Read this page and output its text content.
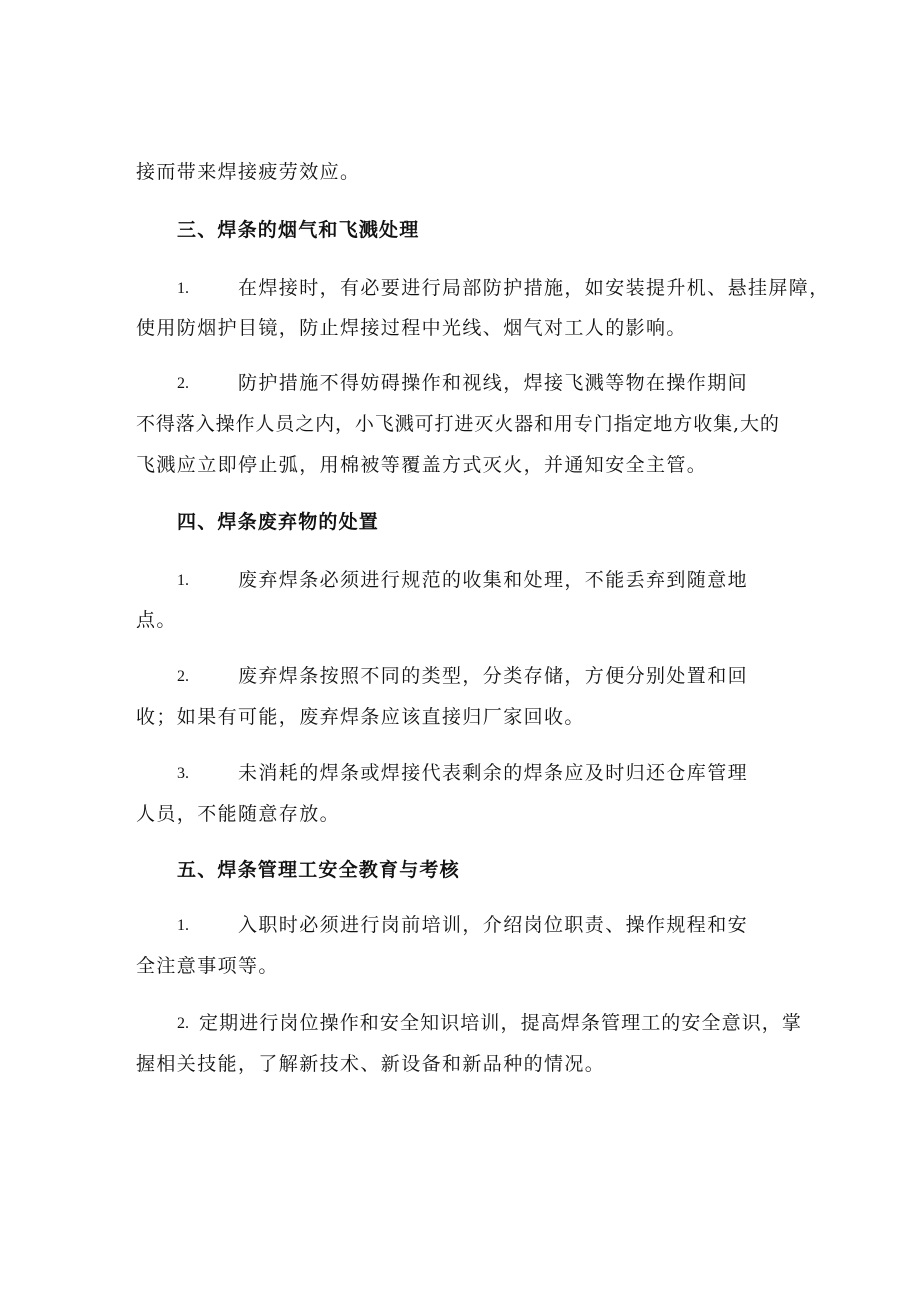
接而带来焊接疲劳效应。
三、焊条的烟气和飞溅处理
1.	在焊接时，有必要进行局部防护措施，如安装提升机、悬挂屏障，
使用防烟护目镜，防止焊接过程中光线、烟气对工人的影响。
2.	防护措施不得妨碍操作和视线，焊接飞溅等物在操作期间
不得落入操作人员之内，小飞溅可打进灭火器和用专门指定地方收集,大的
飞溅应立即停止弧，用棉被等覆盖方式灭火，并通知安全主管。
四、焊条废弃物的处置
1.	废弃焊条必须进行规范的收集和处理，不能丢弃到随意地
点。
2.	废弃焊条按照不同的类型，分类存储，方便分别处置和回
收；如果有可能，废弃焊条应该直接归厂家回收。
3.	未消耗的焊条或焊接代表剩余的焊条应及时归还仓库管理
人员，不能随意存放。
五、焊条管理工安全教育与考核
1.	入职时必须进行岗前培训，介绍岗位职责、操作规程和安
全注意事项等。
2. 定期进行岗位操作和安全知识培训，提高焊条管理工的安全意识，掌
握相关技能，了解新技术、新设备和新品种的情况。
